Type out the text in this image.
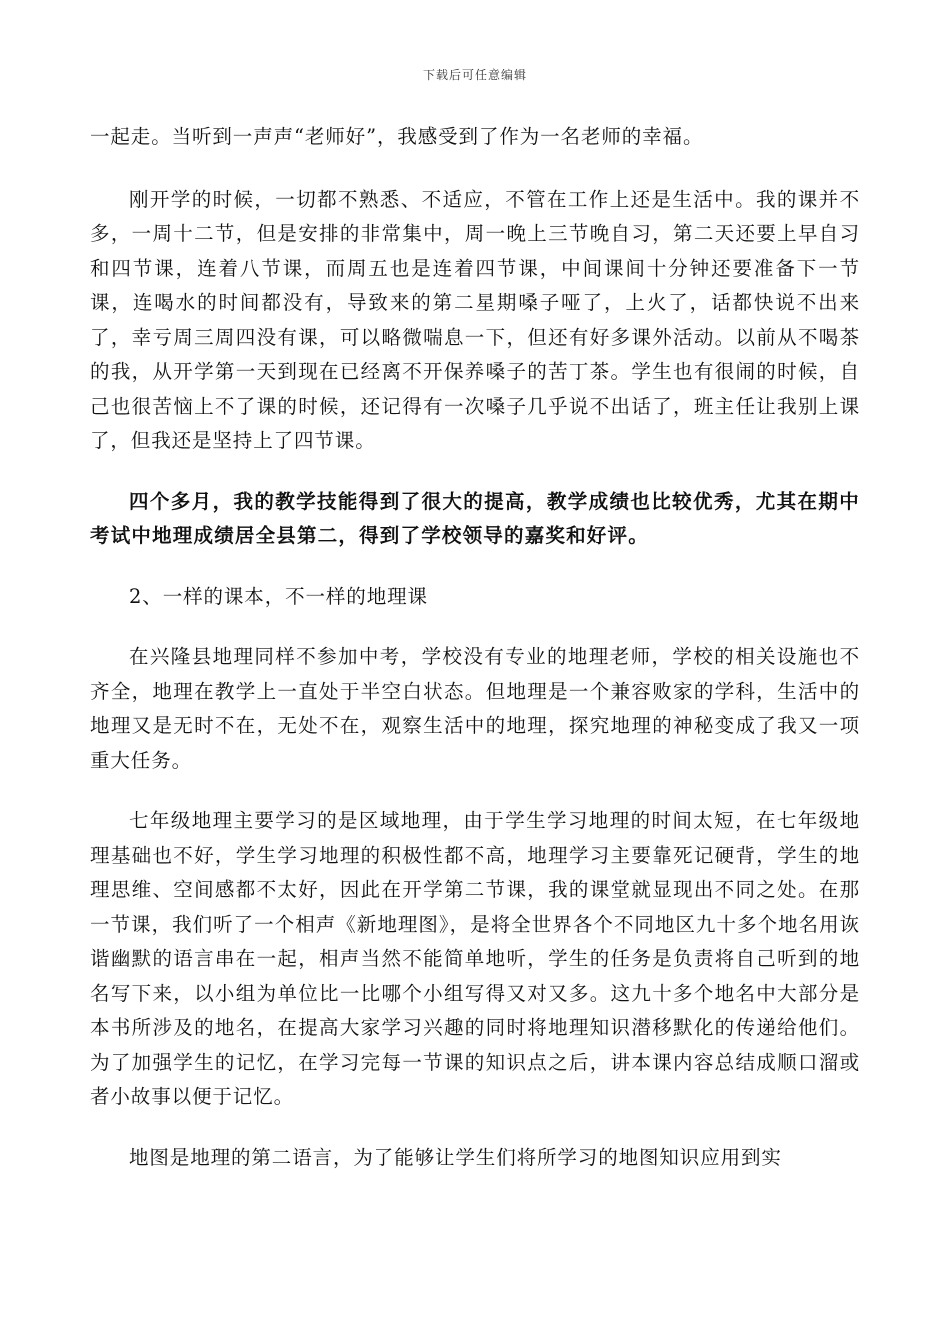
下载后可任意编辑

一起走。当听到一声声“老师好”，我感受到了作为一名老师的幸福。

刚开学的时候，一切都不熟悉、不适应，不管在工作上还是生活中。我的课并不多，一周十二节，但是安排的非常集中，周一晚上三节晚自习，第二天还要上早自习和四节课，连着八节课，而周五也是连着四节课，中间课间十分钟还要准备下一节课，连喝水的时间都没有，导致来的第二星期嗓子哑了，上火了，话都快说不出来了，幸亏周三周四没有课，可以略微喘息一下，但还有好多课外活动。以前从不喝茶的我，从开学第一天到现在已经离不开保养嗓子的苦丁茶。学生也有很闹的时候，自己也很苦恼上不了课的时候，还记得有一次嗓子几乎说不出话了，班主任让我别上课了，但我还是坚持上了四节课。

四个多月，我的教学技能得到了很大的提高，教学成绩也比较优秀，尤其在期中考试中地理成绩居全县第二，得到了学校领导的嘉奖和好评。

2、一样的课本，不一样的地理课

在兴隆县地理同样不参加中考，学校没有专业的地理老师，学校的相关设施也不齐全，地理在教学上一直处于半空白状态。但地理是一个兼容败家的学科，生活中的地理又是无时不在，无处不在，观察生活中的地理，探究地理的神秘变成了我又一项重大任务。

七年级地理主要学习的是区域地理，由于学生学习地理的时间太短，在七年级地理基础也不好，学生学习地理的积极性都不高，地理学习主要靠死记硬背，学生的地理思维、空间感都不太好，因此在开学第二节课，我的课堂就显现出不同之处。在那一节课，我们听了一个相声《新地理图》，是将全世界各个不同地区九十多个地名用诙谐幽默的语言串在一起，相声当然不能简单地听，学生的任务是负责将自己听到的地名写下来，以小组为单位比一比哪个小组写得又对又多。这九十多个地名中大部分是本书所涉及的地名，在提高大家学习兴趣的同时将地理知识潜移默化的传递给他们。为了加强学生的记忆，在学习完每一节课的知识点之后，讲本课内容总结成顺口溜或者小故事以便于记忆。

地图是地理的第二语言，为了能够让学生们将所学习的地图知识应用到实
